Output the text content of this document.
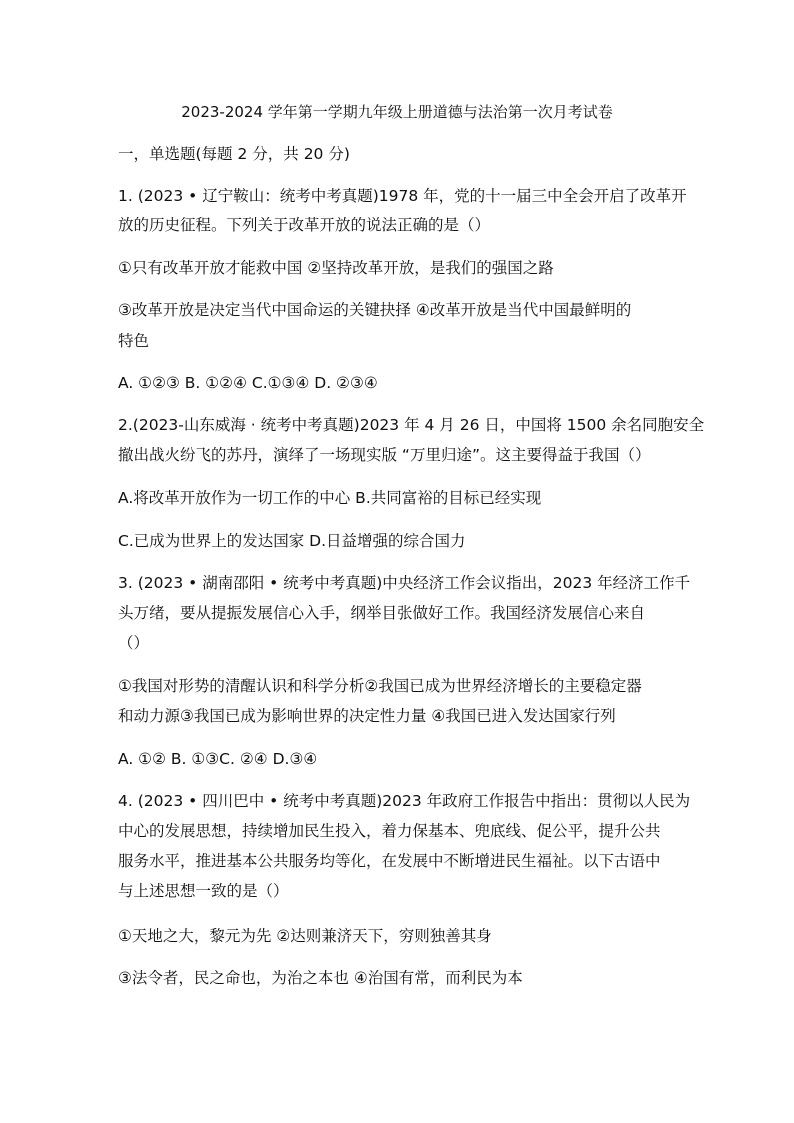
2023-2024 学年第一学期九年级上册道德与法治第一次月考试卷
一，单选题(每题 2 分，共 20 分)
1. (2023 • 辽宁鞍山：统考中考真题)1978 年，党的十一届三中全会开启了改革开
放的历史征程。下列关于改革开放的说法正确的是（）
①只有改革开放才能救中国 ②坚持改革开放，是我们的强国之路
③改革开放是决定当代中国命运的关键抉择 ④改革开放是当代中国最鲜明的
特色
A. ①②③ B. ①②④ C.①③④ D. ②③④
2.(2023-山东威海 · 统考中考真题)2023 年 4 月 26 日，中国将 1500 余名同胞安全
撤出战火纷飞的苏丹，演绎了一场现实版 “万里归途”。这主要得益于我国（）
A.将改革开放作为一切工作的中心 B.共同富裕的目标已经实现
C.已成为世界上的发达国家 D.日益增强的综合国力
3. (2023 • 湖南邵阳 • 统考中考真题)中央经济工作会议指出，2023 年经济工作千
头万绪，要从提振发展信心入手，纲举目张做好工作。我国经济发展信心来自
（）
①我国对形势的清醒认识和科学分析②我国已成为世界经济增长的主要稳定器
和动力源③我国已成为影响世界的决定性力量 ④我国已进入发达国家行列
A. ①② B. ①③C. ②④ D.③④
4. (2023 • 四川巴中 • 统考中考真题)2023 年政府工作报告中指出：贯彻以人民为
中心的发展思想，持续增加民生投入，着力保基本、兜底线、促公平，提升公共
服务水平，推进基本公共服务均等化，在发展中不断增进民生福祉。以下古语中
与上述思想一致的是（）
①天地之大，黎元为先 ②达则兼济天下，穷则独善其身
③法令者，民之命也，为治之本也 ④治国有常，而利民为本
